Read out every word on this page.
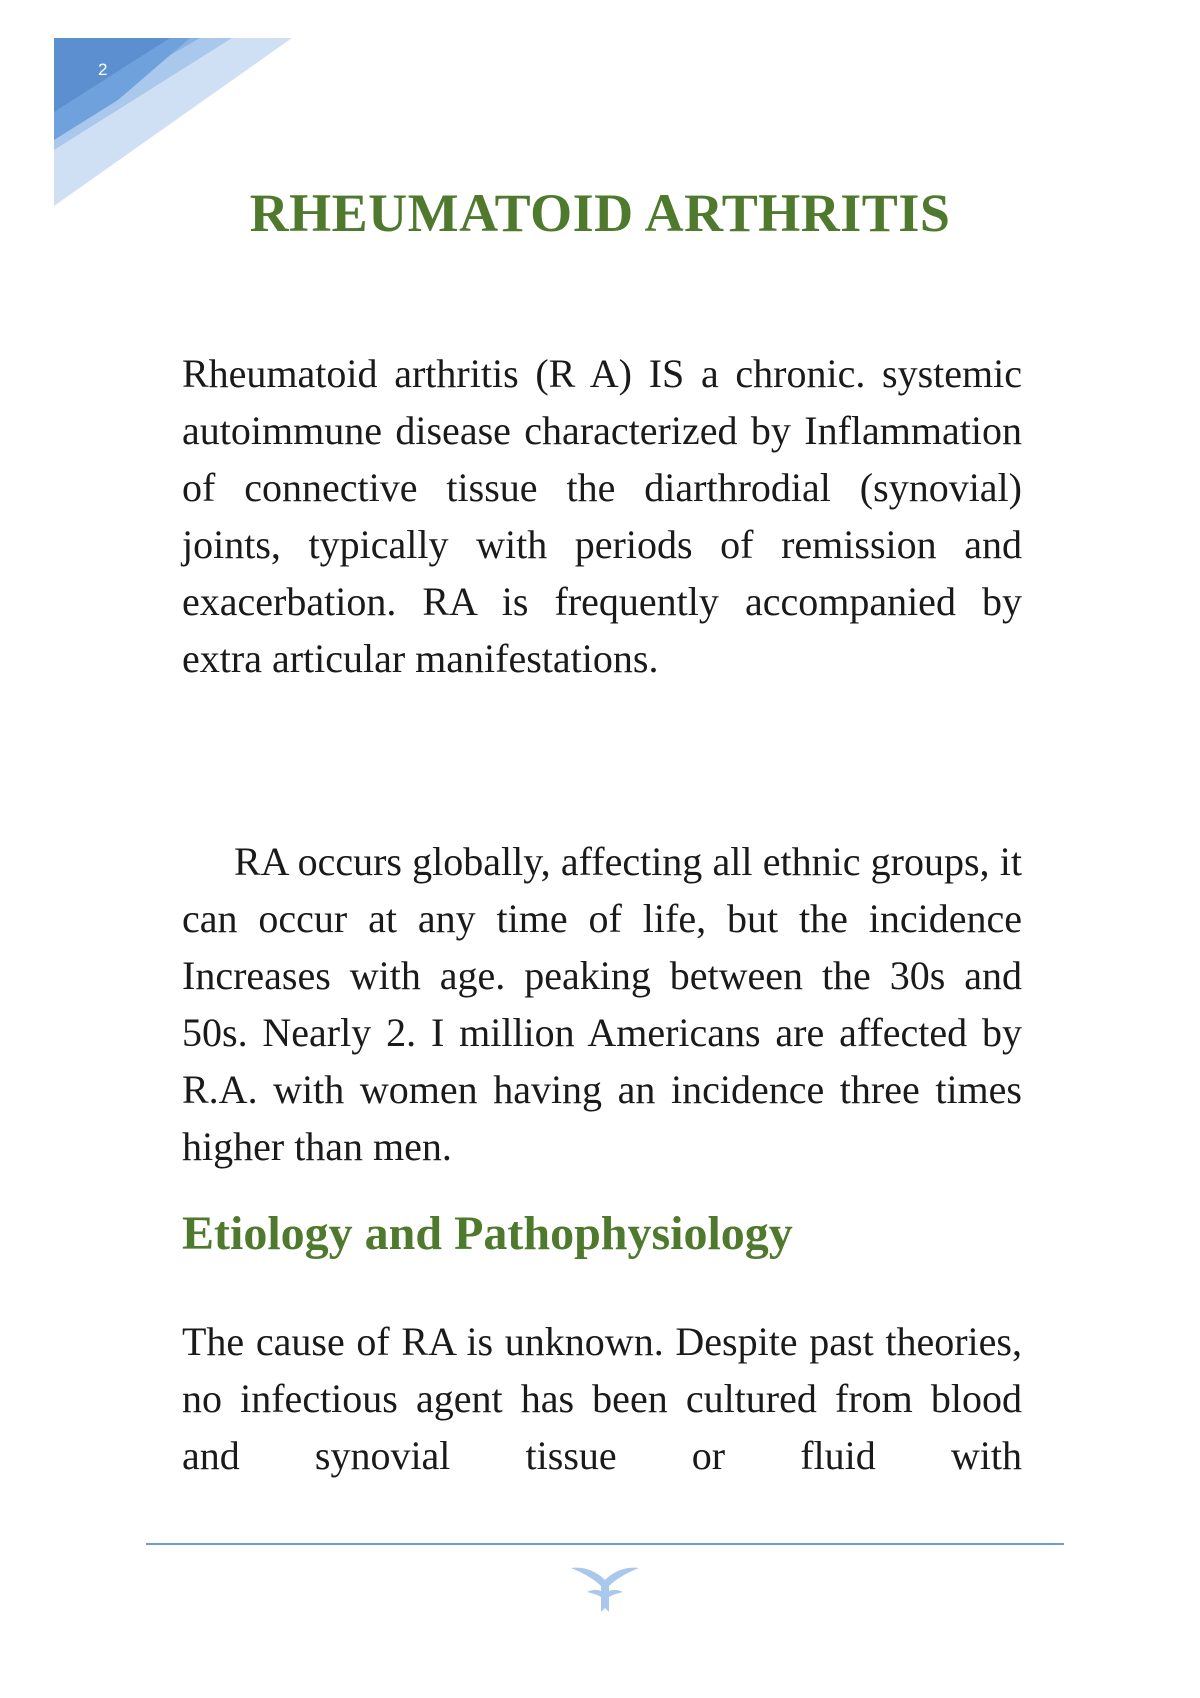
2
RHEUMATOID ARTHRITIS

Rheumatoid arthritis (R A) IS a chronic. systemic autoimmune disease characterized by Inflammation of connective tissue the diarthrodial (synovial) joints, typically with periods of remission and exacerbation. RA is frequently accompanied by extra articular manifestations.

RA occurs globally, affecting all ethnic groups, it can occur at any time of life, but the incidence Increases with age. peaking between the 30s and 50s. Nearly 2. I million Americans are affected by R.A. with women having an incidence three times higher than men.

Etiology and Pathophysiology

The cause of RA is unknown. Despite past theories, no infectious agent has been cultured from blood and synovial tissue or fluid with
